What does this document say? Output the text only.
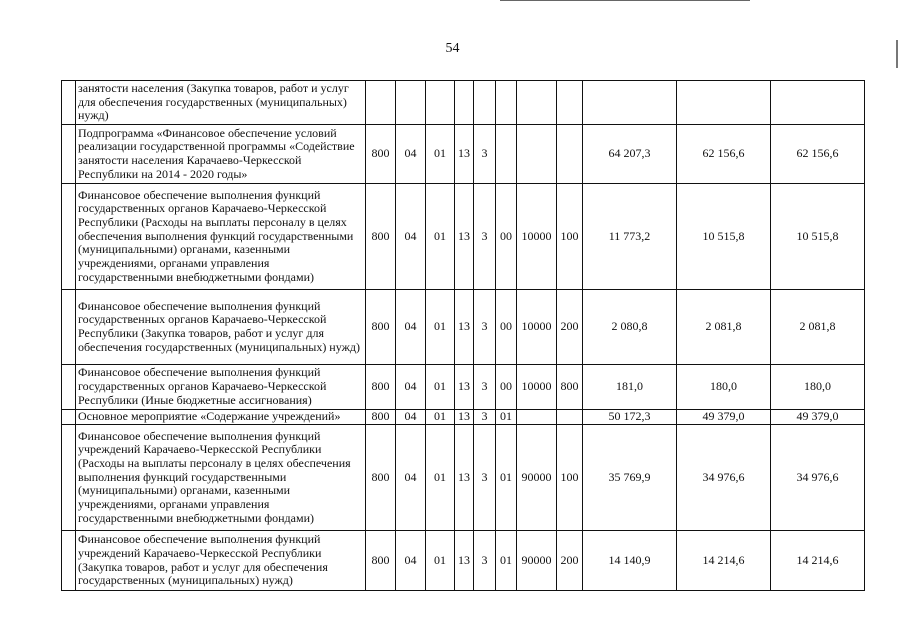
54
	занятости населения (Закупка товаров, работ и услуг для обеспечения государственных (муниципальных) нужд)											
	Подпрограмма «Финансовое обеспечение условий реализации государственной программы «Содействие занятости населения Карачаево-Черкесской Республики на 2014 - 2020 годы»	800	04	01	13	3				64 207,3	62 156,6	62 156,6
	Финансовое обеспечение выполнения функций государственных органов Карачаево-Черкесской Республики (Расходы на выплаты персоналу в целях обеспечения выполнения функций государственными (муниципальными) органами, казенными учреждениями, органами управления государственными внебюджетными фондами)	800	04	01	13	3	00	10000	100	11 773,2	10 515,8	10 515,8
	Финансовое обеспечение выполнения функций государственных органов Карачаево-Черкесской Республики (Закупка товаров, работ и услуг для обеспечения государственных (муниципальных) нужд)	800	04	01	13	3	00	10000	200	2 080,8	2 081,8	2 081,8
	Финансовое обеспечение выполнения функций государственных органов Карачаево-Черкесской Республики (Иные бюджетные ассигнования)	800	04	01	13	3	00	10000	800	181,0	180,0	180,0
	Основное мероприятие «Содержание учреждений»	800	04	01	13	3	01			50 172,3	49 379,0	49 379,0
	Финансовое обеспечение выполнения функций учреждений Карачаево-Черкесской Республики (Расходы на выплаты персоналу в целях обеспечения выполнения функций государственными (муниципальными) органами, казенными учреждениями, органами управления государственными внебюджетными фондами)	800	04	01	13	3	01	90000	100	35 769,9	34 976,6	34 976,6
	Финансовое обеспечение выполнения функций учреждений Карачаево-Черкесской Республики (Закупка товаров, работ и услуг для обеспечения государственных (муниципальных) нужд)	800	04	01	13	3	01	90000	200	14 140,9	14 214,6	14 214,6
